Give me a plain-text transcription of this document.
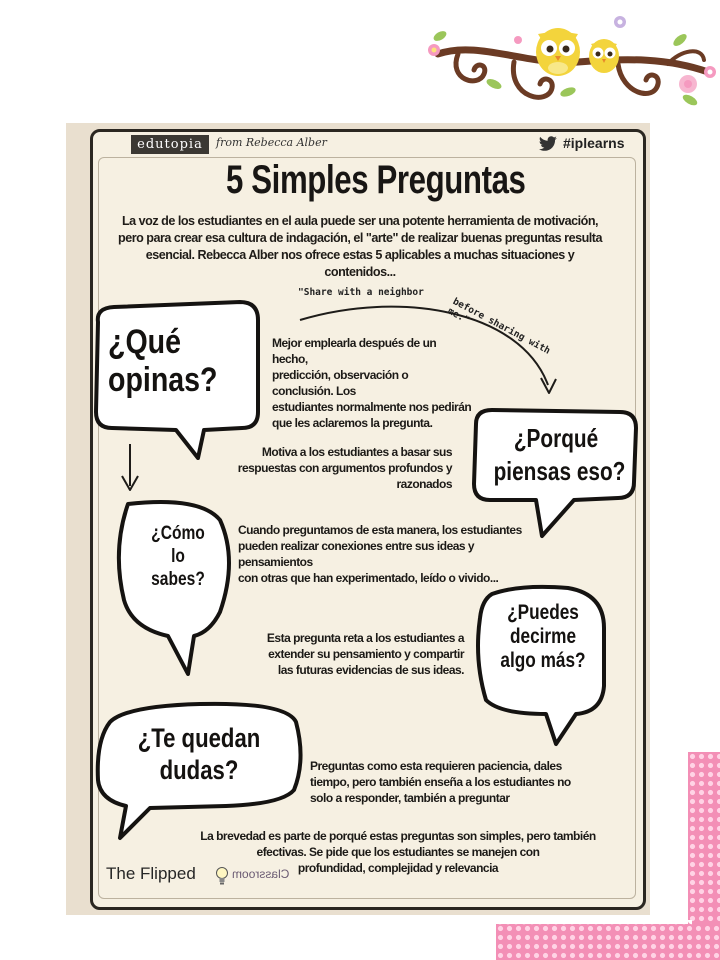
edutopia	from Rebecca Alber	#iplearns
5 Simples Preguntas
La voz de los estudiantes en el aula puede ser una potente herramienta de motivación, pero para crear esa cultura de indagación, el "arte" de realizar buenas preguntas resulta esencial. Rebecca Alber nos ofrece estas 5 aplicables a muchas situaciones y contenidos...
"Share with a neighbor
before sharing with me."
¿Qué
opinas?
¿Porqué
piensas eso?
¿Cómo
lo
sabes?
¿Puedes
decirme
algo más?
¿Te quedan
dudas?
Mejor emplearla después de un hecho,
predicción, observación o conclusión. Los
estudiantes normalmente nos pedirán
que les aclaremos la pregunta.
Motiva a los estudiantes a basar sus
respuestas con argumentos profundos y
razonados
Cuando preguntamos de esta manera, los estudiantes
pueden realizar conexiones entre sus ideas y pensamientos
con otras que han experimentado, leído o vivido...
Esta pregunta reta a los estudiantes a
extender su pensamiento y compartir
las futuras evidencias de sus ideas.
Preguntas como esta requieren paciencia, dales
tiempo, pero también enseña a los estudiantes no
solo a responder, también a preguntar
La brevedad es parte de porqué estas preguntas son simples, pero también
efectivas. Se pide que los estudiantes se manejen con
profundidad, complejidad y relevancia
The Flipped	Classroom
